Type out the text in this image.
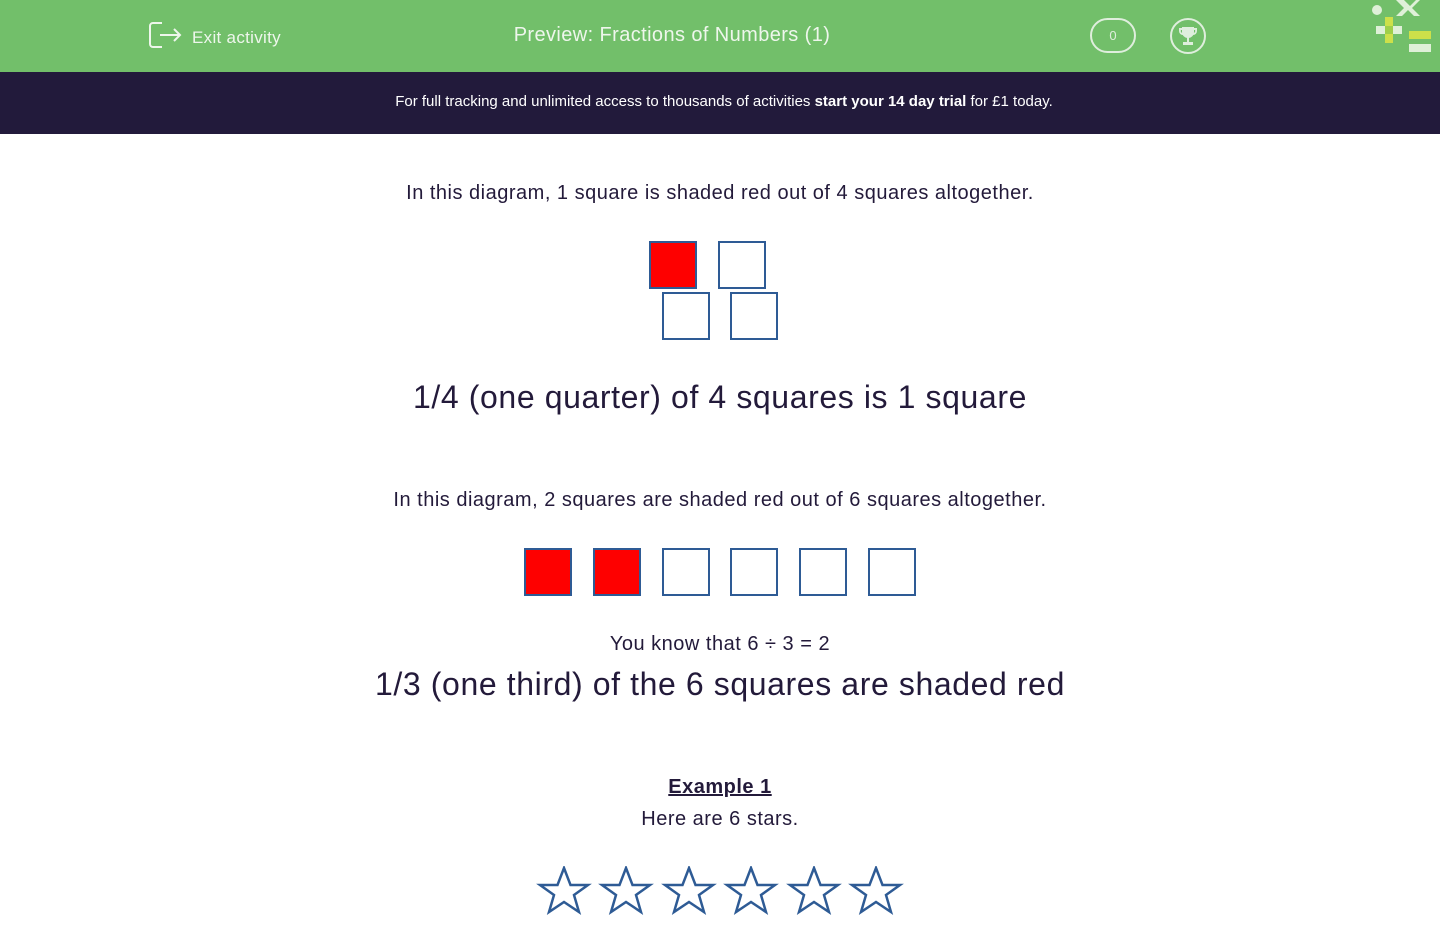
Exit activity	Preview: Fractions of Numbers (1)	0
For full tracking and unlimited access to thousands of activities start your 14 day trial for £1 today.
In this diagram, 1 square is shaded red out of 4 squares altogether.
1/4 (one quarter) of 4 squares is 1 square
In this diagram, 2 squares are shaded red out of 6 squares altogether.
You know that 6 ÷ 3 = 2
1/3 (one third) of the 6 squares are shaded red
Example 1
Here are 6 stars.
